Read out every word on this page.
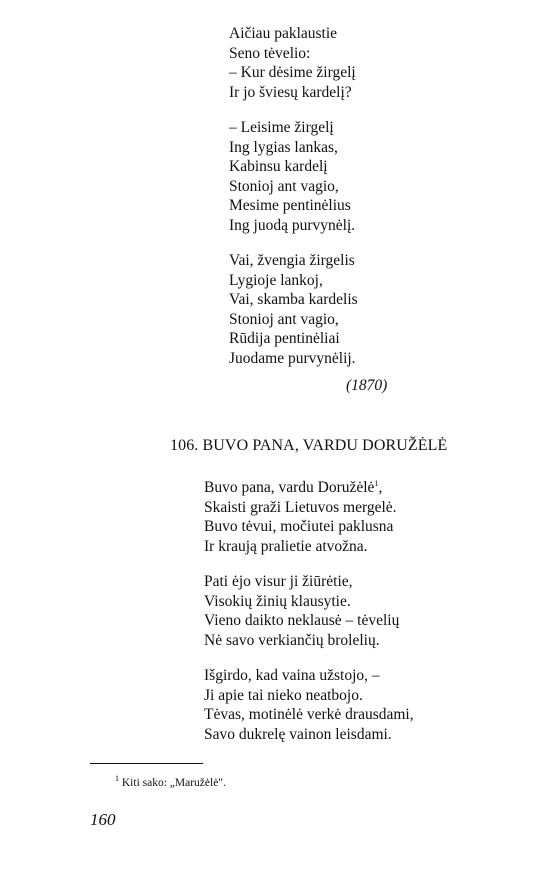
Aičiau paklaustie
Seno tėvelio:
– Kur dėsime žirgelį
Ir jo šviesų kardelį?
– Leisime žirgelį
Ing lygias lankas,
Kabinsu kardelį
Stonioj ant vagio,
Mesime pentinėlius
Ing juodą purvynėlį.
Vai, žvengia žirgelis
Lygioje lankoj,
Vai, skamba kardelis
Stonioj ant vagio,
Rūdija pentinėliai
Juodame purvynėlij.
(1870)
106. BUVO PANA, VARDU DORUŽĖLĖ
Buvo pana, vardu Doružėlė$^1$,
Skaisti graži Lietuvos mergelė.
Buvo tėvui, močiutei paklusna
Ir kraują pralietie atvožna.
Pati ėjo visur ji žiūrėtie,
Visokių žinių klausytie.
Vieno daikto neklausė – tėvelių
Nė savo verkiančių brolelių.
Išgirdo, kad vaina užstojo, –
Ji apie tai nieko neatbojo.
Tėvas, motinėlė verkė drausdami,
Savo dukrelę vainon leisdami.
$^1$ Kiti sako: „Maružėlė".
160
